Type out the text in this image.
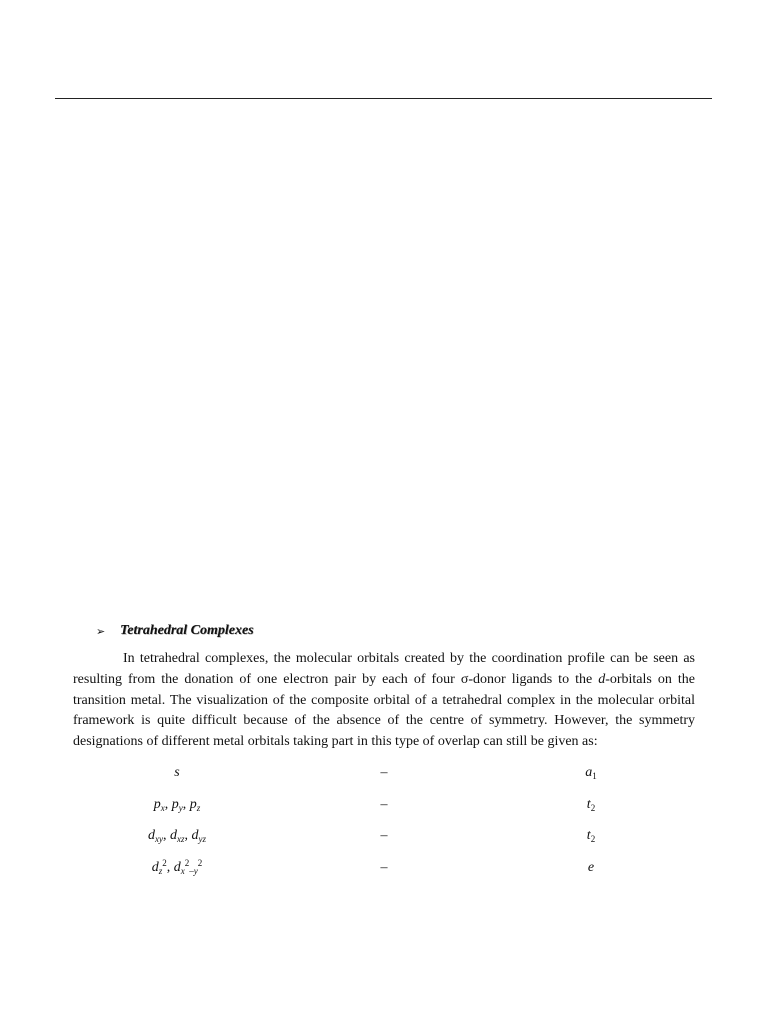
➢	Tetrahedral Complexes

In tetrahedral complexes, the molecular orbitals created by the coordination profile can be seen as resulting from the donation of one electron pair by each of four σ-donor ligands to the d-orbitals on the transition metal. The visualization of the composite orbital of a tetrahedral complex in the molecular orbital framework is quite difficult because of the absence of the centre of symmetry. However, the symmetry designations of different metal orbitals taking part in this type of overlap can still be given as:

s	–	$a_1$
$p_x$, $p_y$, $p_z$	–	$t_2$
$d_{xy}$, $d_{xz}$, $d_{yz}$	–	$t_2$
$d_z^2$, $d_x^2_{-y}^2$	–	e
